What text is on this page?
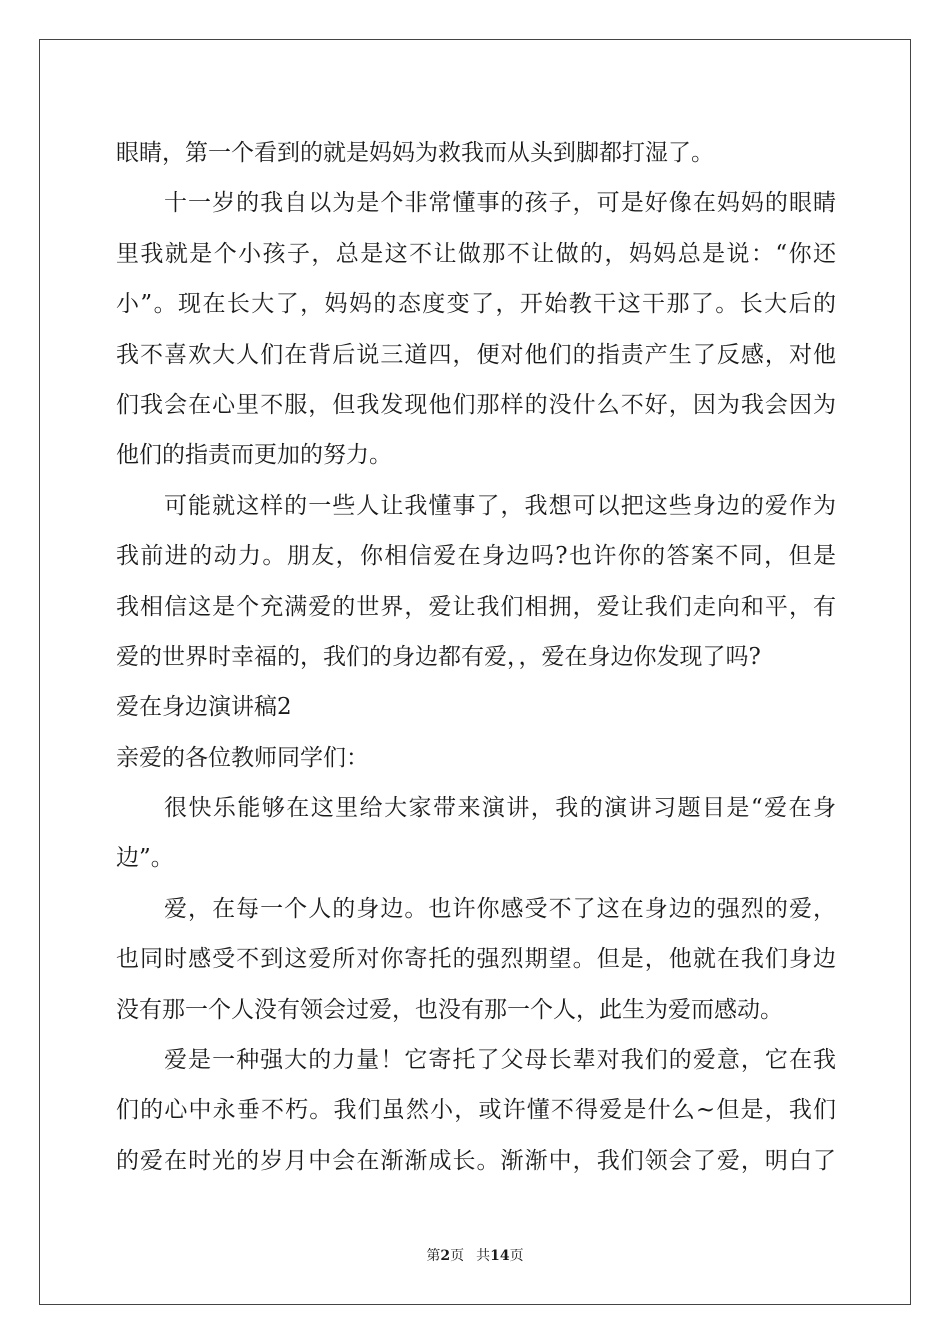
眼睛，第一个看到的就是妈妈为救我而从头到脚都打湿了。
十一岁的我自以为是个非常懂事的孩子，可是好像在妈妈的眼睛
里我就是个小孩子，总是这不让做那不让做的，妈妈总是说：“你还
小”。现在长大了，妈妈的态度变了，开始教干这干那了。长大后的
我不喜欢大人们在背后说三道四，便对他们的指责产生了反感，对他
们我会在心里不服，但我发现他们那样的没什么不好，因为我会因为
他们的指责而更加的努力。
可能就这样的一些人让我懂事了，我想可以把这些身边的爱作为
我前进的动力。朋友，你相信爱在身边吗?也许你的答案不同，但是
我相信这是个充满爱的世界，爱让我们相拥，爱让我们走向和平，有
爱的世界时幸福的，我们的身边都有爱，，爱在身边你发现了吗?
爱在身边演讲稿2
亲爱的各位教师同学们：
很快乐能够在这里给大家带来演讲，我的演讲习题目是“爱在身
边”。
爱，在每一个人的身边。也许你感受不了这在身边的强烈的爱，
也同时感受不到这爱所对你寄托的强烈期望。但是，他就在我们身边
没有那一个人没有领会过爱，也没有那一个人，此生为爱而感动。
爱是一种强大的力量！它寄托了父母长辈对我们的爱意，它在我
们的心中永垂不朽。我们虽然小，或许懂不得爱是什么~但是，我们
的爱在时光的岁月中会在渐渐成长。渐渐中，我们领会了爱，明白了
第2页 共14页
